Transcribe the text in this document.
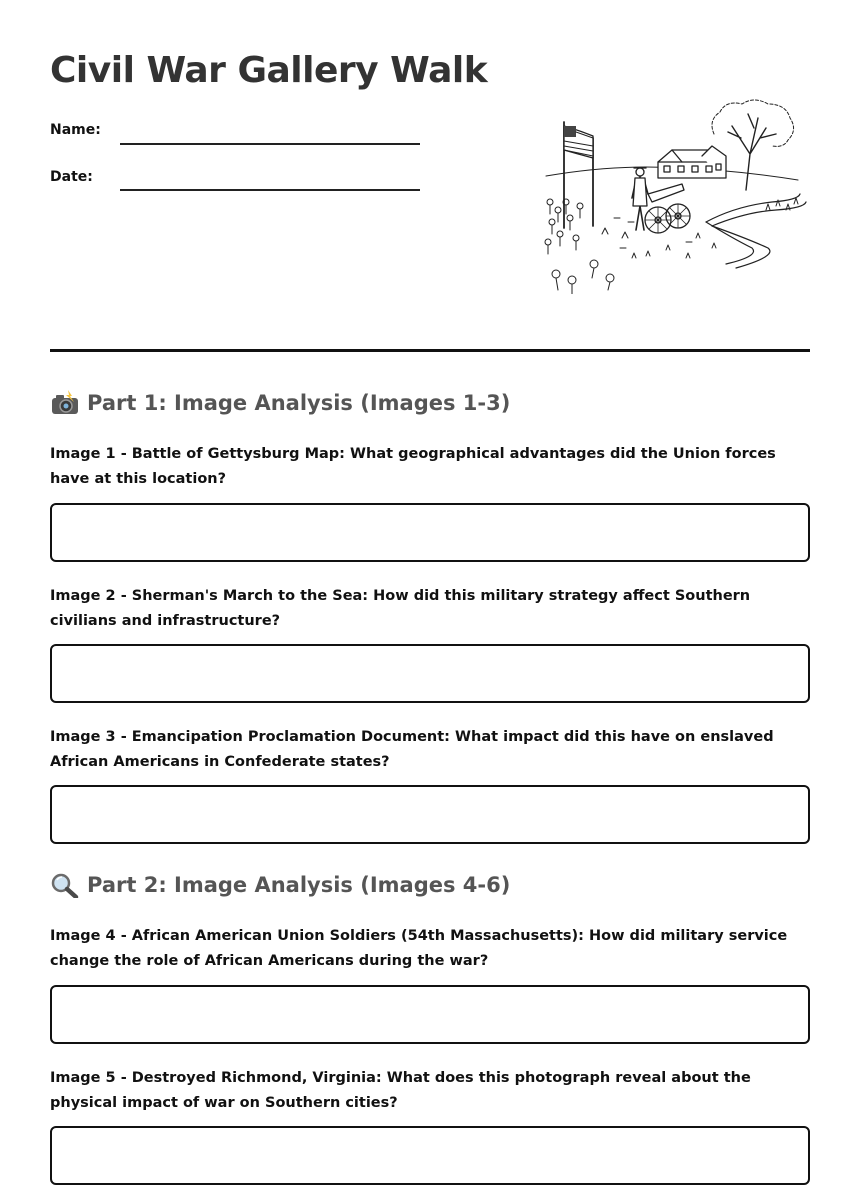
Civil War Gallery Walk
Name:
Date:
Part 1: Image Analysis (Images 1-3)

Image 1 - Battle of Gettysburg Map: What geographical advantages did the Union forces have at this location?

Image 2 - Sherman's March to the Sea: How did this military strategy affect Southern civilians and infrastructure?

Image 3 - Emancipation Proclamation Document: What impact did this have on enslaved African Americans in Confederate states?

Part 2: Image Analysis (Images 4-6)

Image 4 - African American Union Soldiers (54th Massachusetts): How did military service change the role of African Americans during the war?

Image 5 - Destroyed Richmond, Virginia: What does this photograph reveal about the physical impact of war on Southern cities?
